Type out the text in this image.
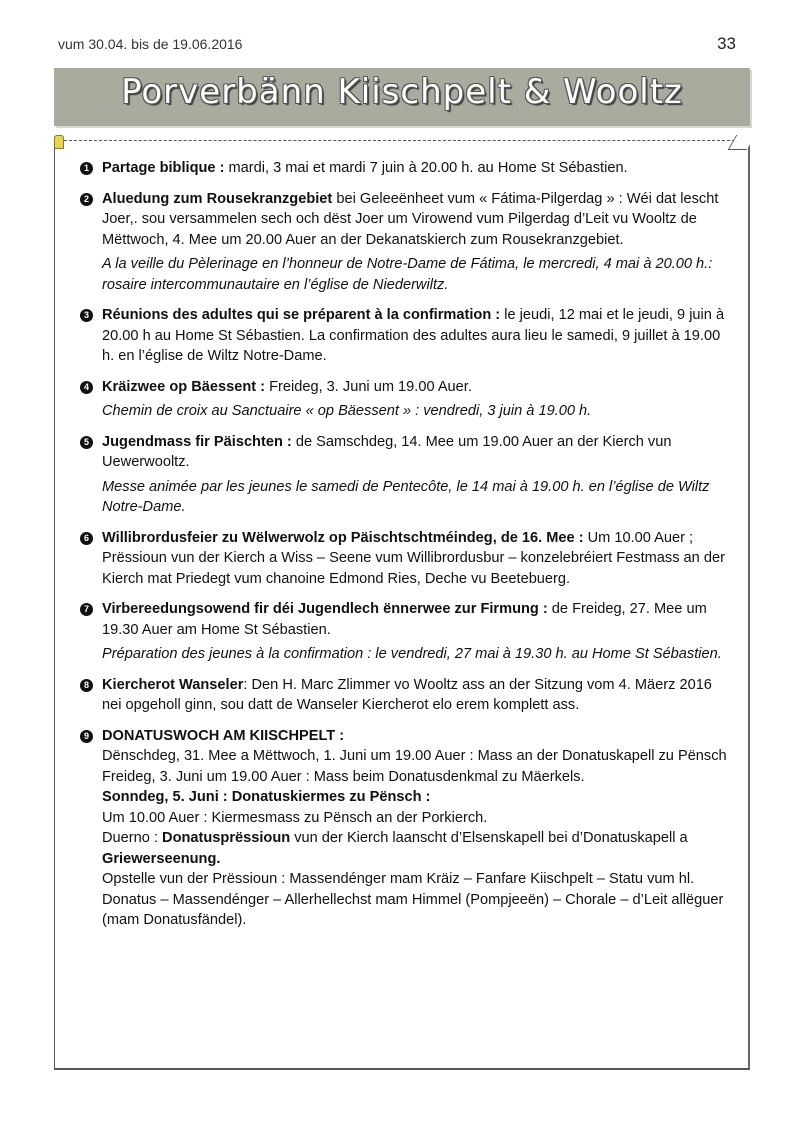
vum 30.04. bis de 19.06.2016	33
Porverbänn Kiischpelt & Wooltz
1 Partage biblique : mardi, 3 mai et mardi 7 juin à 20.00 h. au Home St Sébastien.
2 Aluedung zum Rousekranzgebiet bei Geleeënheet vum « Fátima-Pilgerdag » : Wéi dat lescht Joer,. sou versammelen sech och dëst Joer um Virowend vum Pilgerdag d’Leit vu Wooltz de Mëttwoch, 4. Mee um 20.00 Auer an der Dekanatskierch zum Rousekranzgebiet.
A la veille du Pèlerinage en l’honneur de Notre-Dame de Fátima, le mercredi, 4 mai à 20.00 h.: rosaire intercommunautaire en l’église de Niederwiltz.
3 Réunions des adultes qui se préparent à la confirmation : le jeudi, 12 mai et le jeudi, 9 juin à 20.00 h au Home St Sébastien. La confirmation des adultes aura lieu le samedi, 9 juillet à 19.00 h. en l’église de Wiltz Notre-Dame.
4 Kräizwee op Bäessent : Freideg, 3. Juni um 19.00 Auer.
Chemin de croix au Sanctuaire « op Bäessent » : vendredi, 3 juin à 19.00 h.
5 Jugendmass fir Päischten : de Samschdeg, 14. Mee um 19.00 Auer an der Kierch vun Uewerwooltz.
Messe animée par les jeunes le samedi de Pentecôte, le 14 mai à 19.00 h. en l’église de Wiltz Notre-Dame.
6 Willibrordusfeier zu Wëlwerwolz op Päischtschtméindeg, de 16. Mee : Um 10.00 Auer ; Prëssioun vun der Kierch a Wiss – Seene vum Willibrordusbur – konzelebréiert Festmass an der Kierch mat Priedegt vum chanoine Edmond Ries, Deche vu Beetebuerg.
7 Virbereedungsowend fir déi Jugendlech ënnerwee zur Firmung : de Freideg, 27. Mee um 19.30 Auer am Home St Sébastien.
Préparation des jeunes à la confirmation : le vendredi, 27 mai à 19.30 h. au Home St Sébastien.
8 Kiercherot Wanseler: Den H. Marc Zlimmer vo Wooltz ass an der Sitzung vom 4. Mäerz 2016 nei opgeholl ginn, sou datt de Wanseler Kiercherot elo erem komplett ass.
9 DONATUSWOCH AM KIISCHPELT :
Dënschdeg, 31. Mee a Mëttwoch, 1. Juni um 19.00 Auer : Mass an der Donatuskapell zu Pënsch
Freideg, 3. Juni um 19.00 Auer : Mass beim Donatusdenkmal zu Mäerkels.
Sonndeg, 5. Juni : Donatuskiermes zu Pënsch :
Um 10.00 Auer : Kiermesmass zu Pënsch an der Porkierch.
Duerno : Donatusprëssioun vun der Kierch laanscht d’Elsenskapell bei d’Donatuskapell a Griewerseenung.
Opstelle vun der Prëssioun : Massendénger mam Kräiz – Fanfare Kiischpelt – Statu vum hl. Donatus – Massendénger – Allerhellechst mam Himmel (Pompjeeën) – Chorale – d’Leit allëguer (mam Donatusfändel).
